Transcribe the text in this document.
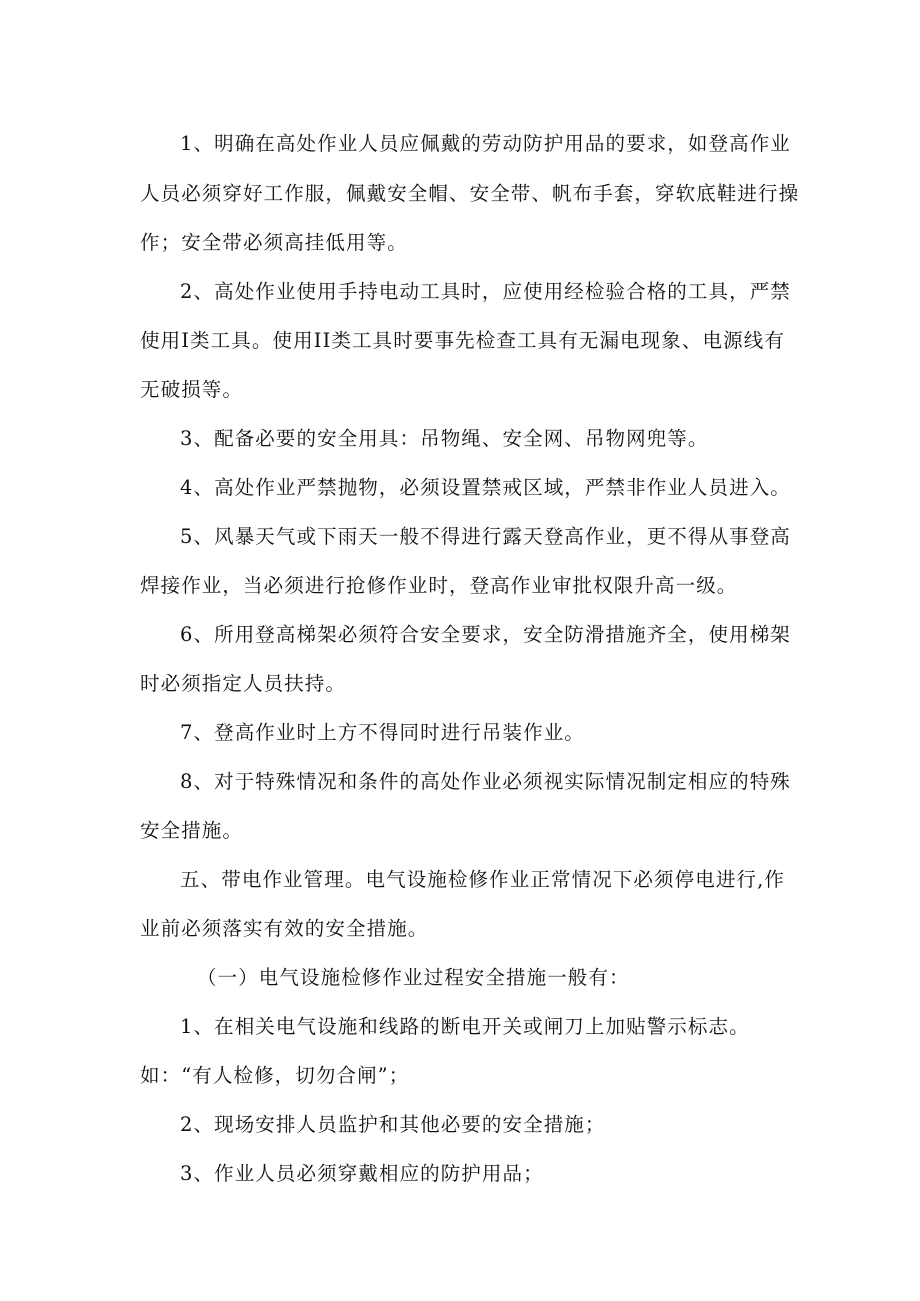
1、明确在高处作业人员应佩戴的劳动防护用品的要求，如登高作业
人员必须穿好工作服，佩戴安全帽、安全带、帆布手套，穿软底鞋进行操
作；安全带必须高挂低用等。
2、高处作业使用手持电动工具时，应使用经检验合格的工具，严禁
使用I类工具。使用II类工具时要事先检查工具有无漏电现象、电源线有
无破损等。
3、配备必要的安全用具：吊物绳、安全网、吊物网兜等。
4、高处作业严禁抛物，必须设置禁戒区域，严禁非作业人员进入。
5、风暴天气或下雨天一般不得进行露天登高作业，更不得从事登高
焊接作业，当必须进行抢修作业时，登高作业审批权限升高一级。
6、所用登高梯架必须符合安全要求，安全防滑措施齐全，使用梯架
时必须指定人员扶持。
7、登高作业时上方不得同时进行吊装作业。
8、对于特殊情况和条件的高处作业必须视实际情况制定相应的特殊
安全措施。
五、带电作业管理。电气设施检修作业正常情况下必须停电进行,作
业前必须落实有效的安全措施。
（一）电气设施检修作业过程安全措施一般有：
1、在相关电气设施和线路的断电开关或闸刀上加贴警示标志。
如：“有人检修，切勿合闸”；
2、现场安排人员监护和其他必要的安全措施；
3、作业人员必须穿戴相应的防护用品；
